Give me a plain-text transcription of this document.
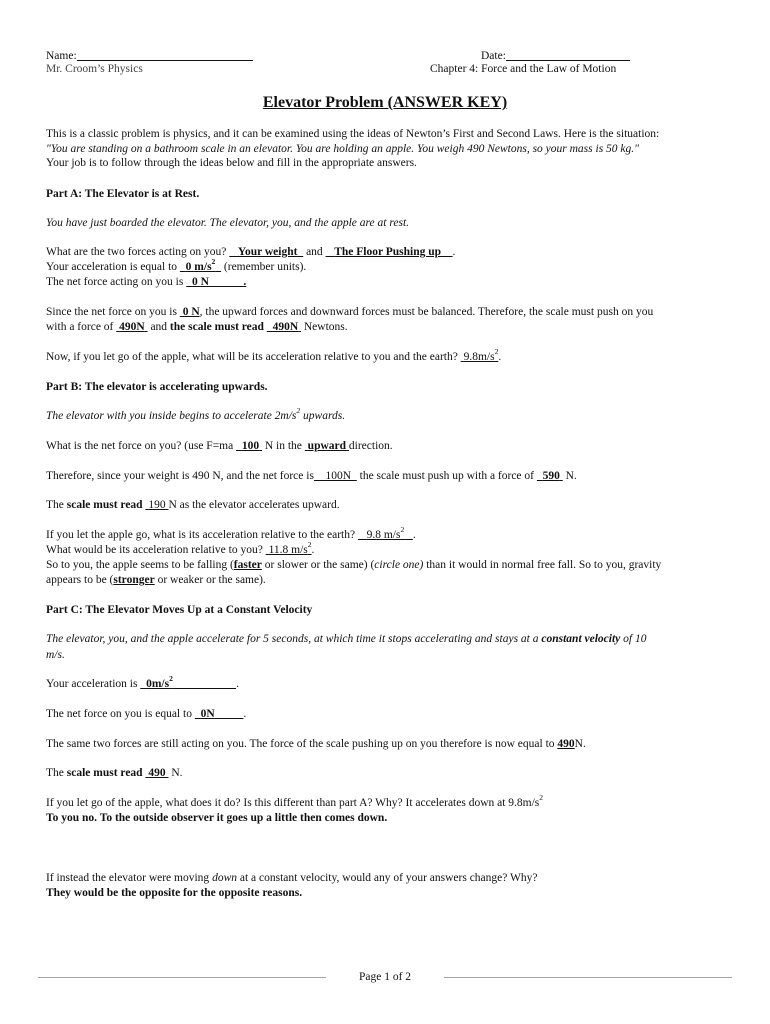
Name:	Date:
Mr. Croom’s Physics	Chapter 4: Force and the Law of Motion
Elevator Problem (ANSWER KEY)
This is a classic problem is physics, and it can be examined using the ideas of Newton’s First and Second Laws. Here is the situation:
"You are standing on a bathroom scale in an elevator. You are holding an apple. You weigh 490 Newtons, so your mass is 50 kg."
Your job is to follow through the ideas below and fill in the appropriate answers.
Part A: The Elevator is at Rest.
You have just boarded the elevator. The elevator, you, and the apple are at rest.
What are the two forces acting on you? Your weight and The Floor Pushing up .
Your acceleration is equal to 0 $m/s^2$ (remember units).
The net force acting on you is 0 N	.
Since the net force on you is 0 N, the upward forces and downward forces must be balanced. Therefore, the scale must push on you
with a force of 490N and the scale must read 490N Newtons.
Now, if you let go of the apple, what will be its acceleration relative to you and the earth? $9.8m/s^2$.
Part B: The elevator is accelerating upwards.
The elevator with you inside begins to accelerate $2m/s^2$ upwards.
What is the net force on you? (use F=ma 100 N in the upward direction.
Therefore, since your weight is 490 N, and the net force is 100N the scale must push up with a force of 590 N.
The scale must read 190 N as the elevator accelerates upward.
If you let the apple go, what is its acceleration relative to the earth? 9.8 $m/s^2$ .
What would be its acceleration relative to you? 11.8 $m/s^2$.
So to you, the apple seems to be falling (faster or slower or the same) (circle one) than it would in normal free fall. So to you, gravity
appears to be (stronger or weaker or the same).
Part C: The Elevator Moves Up at a Constant Velocity
The elevator, you, and the apple accelerate for 5 seconds, at which time it stops accelerating and stays at a constant velocity of 10
m/s.
Your acceleration is $0m/s^2$	.
The net force on you is equal to 0N	.
The same two forces are still acting on you. The force of the scale pushing up on you therefore is now equal to 490N.
The scale must read 490 N.
If you let go of the apple, what does it do? Is this different than part A? Why? It accelerates down at $9.8m/s^2$
To you no. To the outside observer it goes up a little then comes down.
If instead the elevator were moving down at a constant velocity, would any of your answers change? Why?
They would be the opposite for the opposite reasons.
Page 1 of 2
